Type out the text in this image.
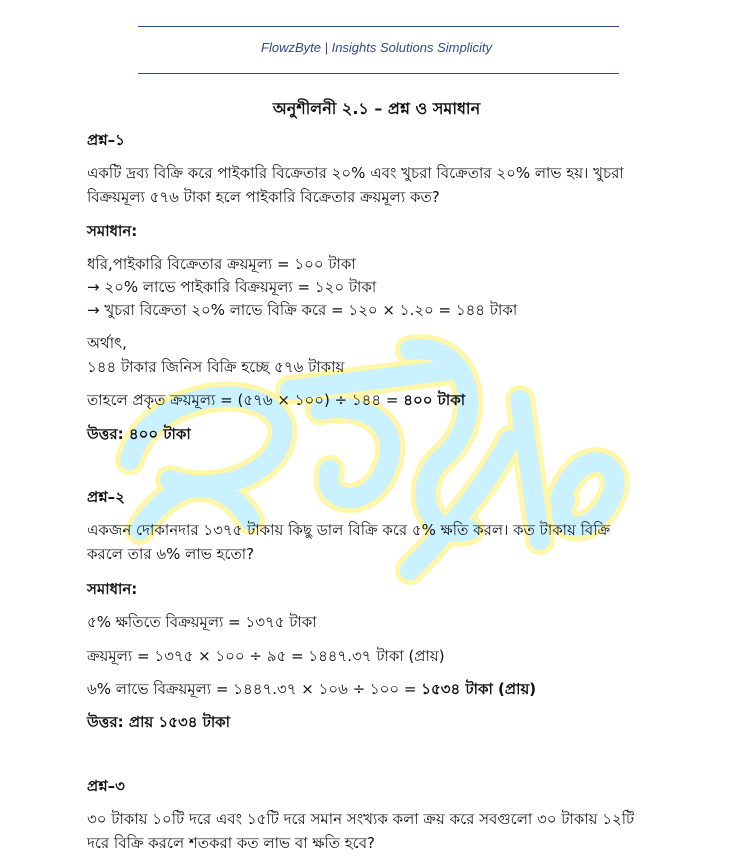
FlowzByte | Insights Solutions Simplicity
অনুশীলনী ২.১ – প্রশ্ন ও সমাধান
প্রশ্ন–১
একটি দ্রব্য বিক্রি করে পাইকারি বিক্রেতার ২০% এবং খুচরা বিক্রেতার ২০% লাভ হয়। খুচরা
বিক্রয়মূল্য ৫৭৬ টাকা হলে পাইকারি বিক্রেতার ক্রয়মূল্য কত?
সমাধান:
ধরি,পাইকারি বিক্রেতার ক্রয়মূল্য = ১০০ টাকা
→ ২০% লাভে পাইকারি বিক্রয়মূল্য = ১২০ টাকা
→ খুচরা বিক্রেতা ২০% লাভে বিক্রি করে = ১২০ × ১.২০ = ১৪৪ টাকা
অর্থাৎ,
১৪৪ টাকার জিনিস বিক্রি হচ্ছে ৫৭৬ টাকায়
তাহলে প্রকৃত ক্রয়মূল্য = (৫৭৬ × ১০০) ÷ ১৪৪ = ৪০০ টাকা
উত্তর: ৪০০ টাকা
প্রশ্ন–২
একজন দোকানদার ১৩৭৫ টাকায় কিছু ডাল বিক্রি করে ৫% ক্ষতি করল। কত টাকায় বিক্রি
করলে তার ৬% লাভ হতো?
সমাধান:
৫% ক্ষতিতে বিক্রয়মূল্য = ১৩৭৫ টাকা
ক্রয়মূল্য = ১৩৭৫ × ১০০ ÷ ৯৫ = ১৪৪৭.৩৭ টাকা (প্রায়)
৬% লাভে বিক্রয়মূল্য = ১৪৪৭.৩৭ × ১০৬ ÷ ১০০ = ১৫৩৪ টাকা (প্রায়)
উত্তর: প্রায় ১৫৩৪ টাকা
প্রশ্ন–৩
৩০ টাকায় ১০টি দরে এবং ১৫টি দরে সমান সংখ্যক কলা ক্রয় করে সবগুলো ৩০ টাকায় ১২টি
দরে বিক্রি করলে শতকরা কত লাভ বা ক্ষতি হবে?
